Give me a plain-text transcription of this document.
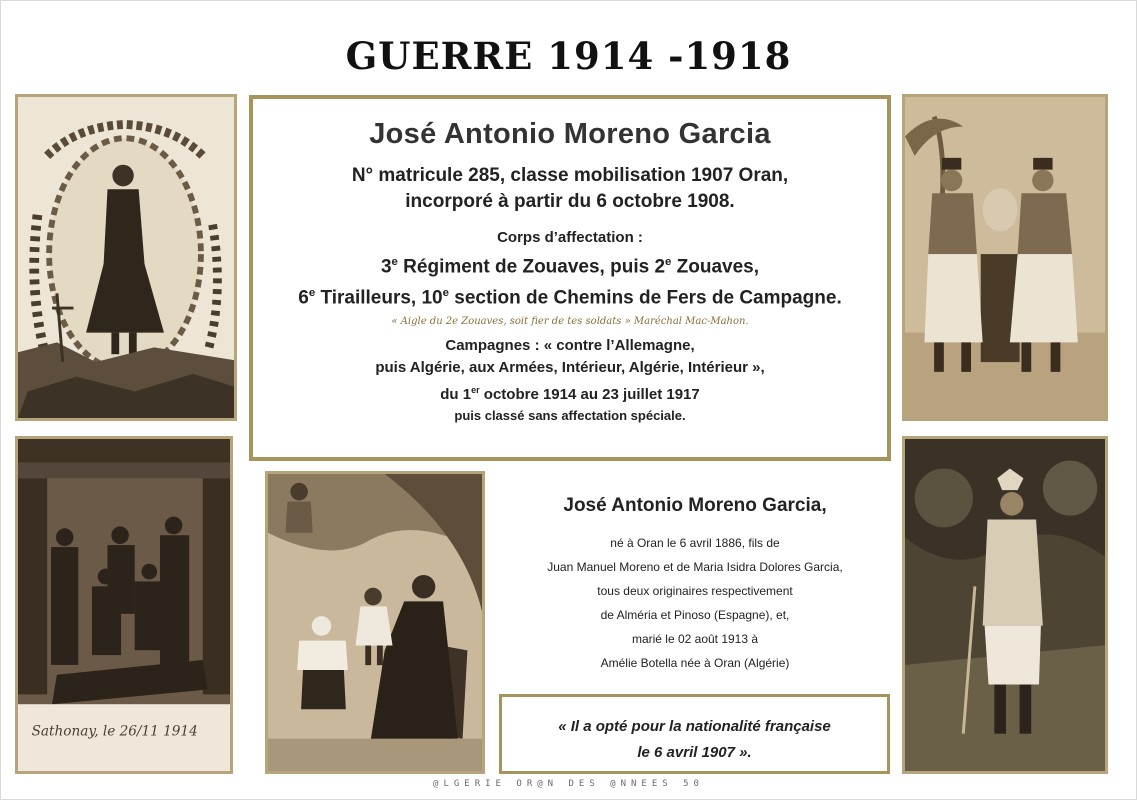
GUERRE 1914 -1918
Sathonay, le 26/11 1914
José Antonio Moreno Garcia
N° matricule 285, classe mobilisation 1907 Oran,
incorporé à partir du 6 octobre 1908.
Corps d’affectation :
3e Régiment de Zouaves, puis 2e Zouaves,
6e Tirailleurs, 10e section de Chemins de Fers de Campagne.
« Aigle du 2e Zouaves, soit fier de tes soldats » Maréchal Mac-Mahon.
Campagnes : « contre l’Allemagne,
puis Algérie, aux Armées, Intérieur, Algérie, Intérieur »,
du 1er octobre 1914 au 23 juillet 1917
puis classé sans affectation spéciale.
José Antonio Moreno Garcia,
né à Oran le 6 avril 1886, fils de
Juan Manuel Moreno et de Maria Isidra Dolores Garcia,
tous deux originaires respectivement
de Alméria et Pinoso (Espagne), et,
marié le 02 août 1913 à
Amélie Botella née à Oran (Algérie)
« Il a opté pour la nationalité française
le 6 avril 1907 ».
@LGERIE OR@N DES @NNEES 50
